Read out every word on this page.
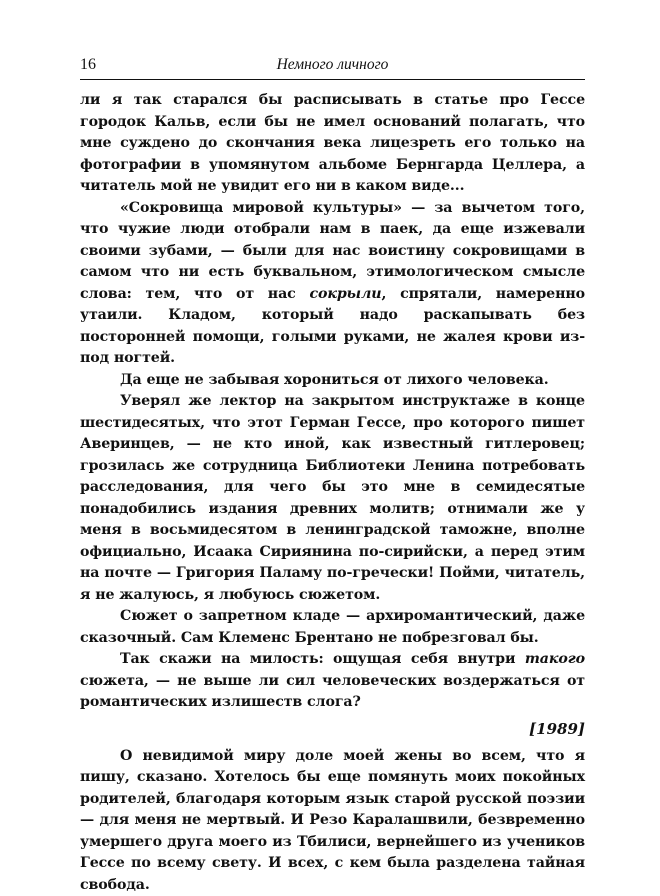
16	Немного личного

ли я так старался бы расписывать в статье про Гессе городок Кальв, если бы не имел оснований полагать, что мне суждено до скончания века лицезреть его только на фотографии в упомянутом альбоме Бернгарда Целлера, а читатель мой не увидит его ни в каком виде...

«Сокровища мировой культуры» — за вычетом того, что чужие люди отобрали нам в паек, да еще изжевали своими зубами, — были для нас воистину сокровищами в самом что ни есть буквальном, этимологическом смысле слова: тем, что от нас сокрыли, спрятали, намеренно утаили. Кладом, который надо раскапывать без посторонней помощи, голыми руками, не жалея крови из-под ногтей.

Да еще не забывая хорониться от лихого человека.

Уверял же лектор на закрытом инструктаже в конце шестидесятых, что этот Герман Гессе, про которого пишет Аверинцев, — не кто иной, как известный гитлеровец; грозилась же сотрудница Библиотеки Ленина потребовать расследования, для чего бы это мне в семидесятые понадобились издания древних молитв; отнимали же у меня в восьмидесятом в ленинградской таможне, вполне официально, Исаака Сириянина по-сирийски, а перед этим на почте — Григория Паламу по-гречески! Пойми, читатель, я не жалуюсь, я любуюсь сюжетом.

Сюжет о запретном кладе — архиромантический, даже сказочный. Сам Клеменс Брентано не побрезговал бы.

Так скажи на милость: ощущая себя внутри такого сюжета, — не выше ли сил человеческих воздержаться от романтических излишеств слога?

О невидимой миру доле моей жены во всем, что я пишу, сказано. Хотелось бы еще помянуть моих покойных родителей, благодаря которым язык старой русской поэзии — для меня не мертвый. И Резо Каралашвили, безвременно умершего друга моего из Тбилиси, вернейшего из учеников Гессе по всему свету. И всех, с кем была разделена тайная свобода.

[1989]
